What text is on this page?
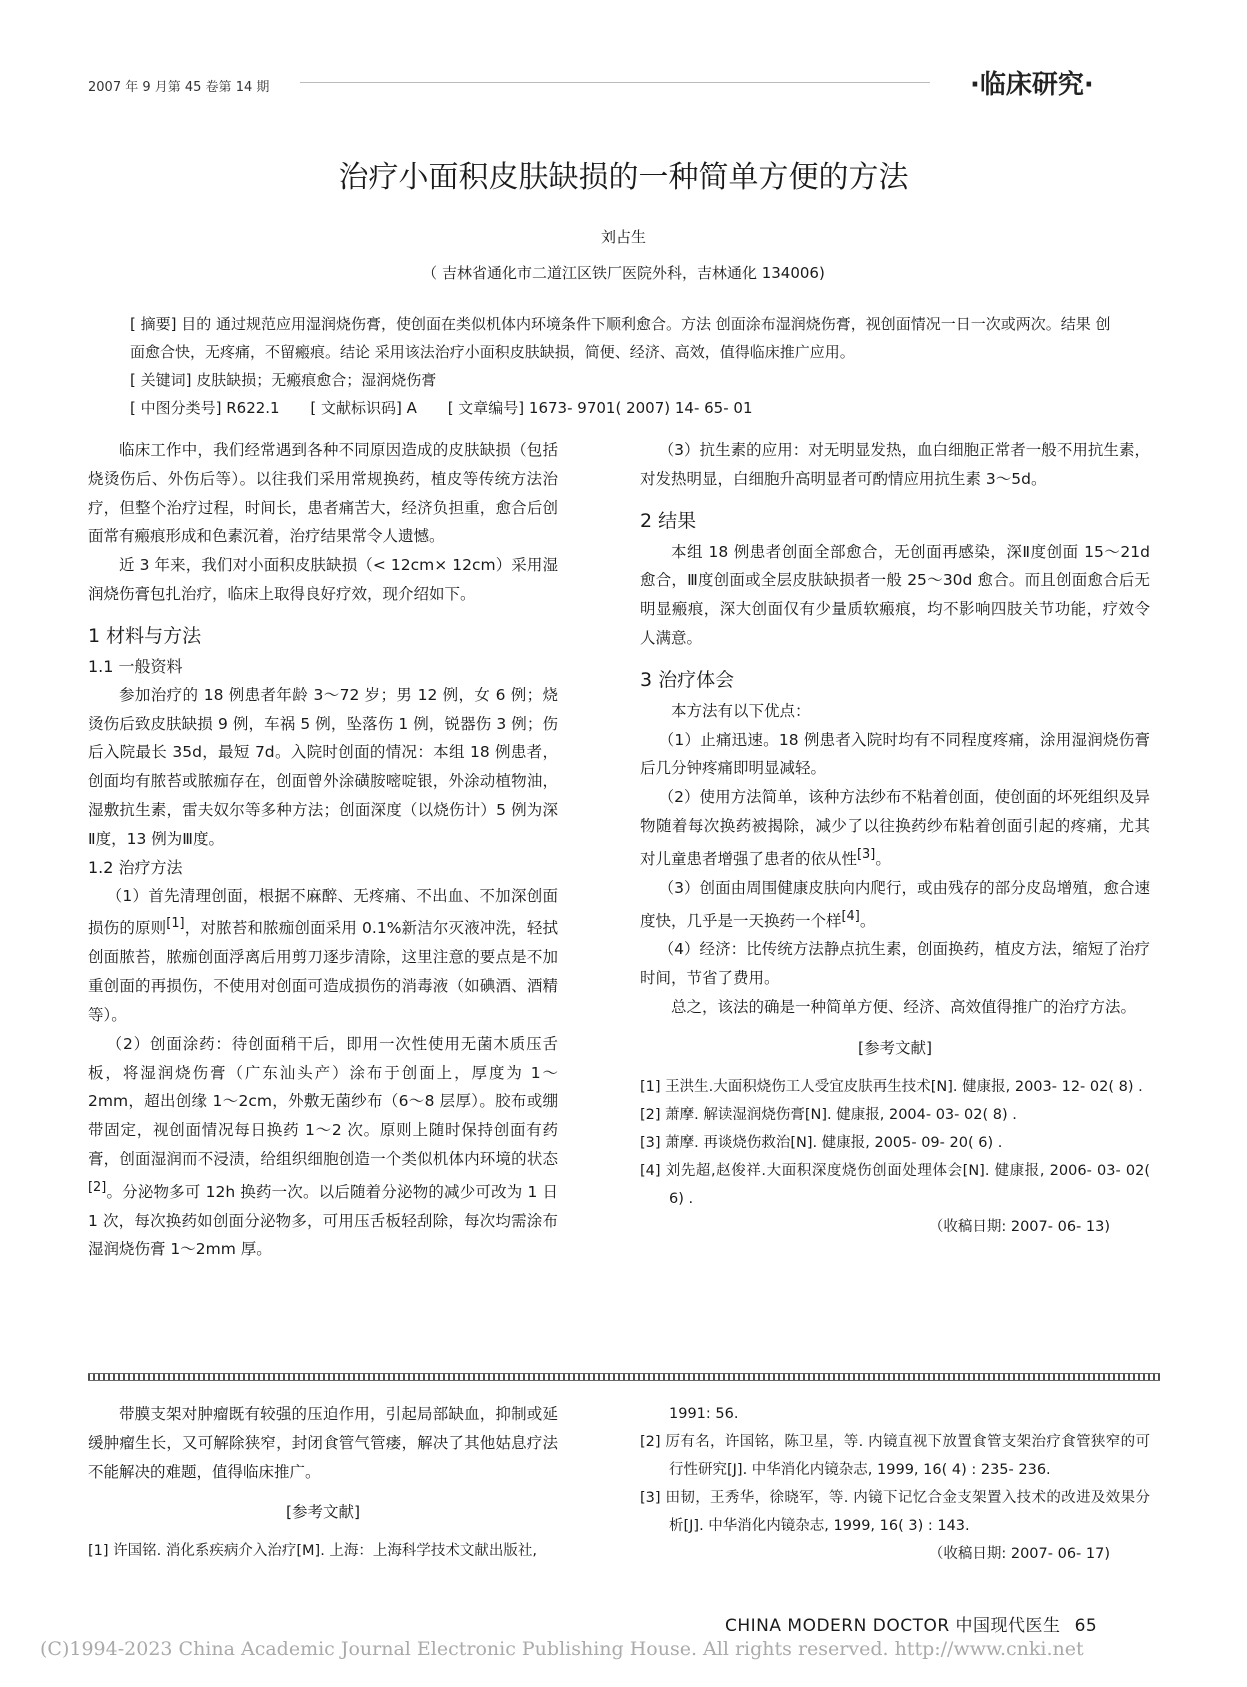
2007 年 9 月第 45 卷第 14 期	·临床研究·
治疗小面积皮肤缺损的一种简单方便的方法
刘占生
（ 吉林省通化市二道江区铁厂医院外科，吉林通化 134006)

[ 摘要] 目的 通过规范应用湿润烧伤膏，使创面在类似机体内环境条件下顺利愈合。方法 创面涂布湿润烧伤膏，视创面情况一日一次或两次。结果 创面愈合快，无疼痛，不留瘢痕。结论 采用该法治疗小面积皮肤缺损，简便、经济、高效，值得临床推广应用。

[ 关键词] 皮肤缺损；无瘢痕愈合；湿润烧伤膏

[ 中图分类号] R622.1 [ 文献标识码] A [ 文章编号] 1673- 9701( 2007) 14- 65- 01

临床工作中，我们经常遇到各种不同原因造成的皮肤缺损（包括烧烫伤后、外伤后等）。以往我们采用常规换药，植皮等传统方法治疗，但整个治疗过程，时间长，患者痛苦大，经济负担重，愈合后创面常有瘢痕形成和色素沉着，治疗结果常令人遗憾。

近 3 年来，我们对小面积皮肤缺损（< 12cm× 12cm）采用湿润烧伤膏包扎治疗，临床上取得良好疗效，现介绍如下。

1 材料与方法

1.1 一般资料

参加治疗的 18 例患者年龄 3～72 岁；男 12 例，女 6 例；烧烫伤后致皮肤缺损 9 例，车祸 5 例，坠落伤 1 例，锐器伤 3 例；伤后入院最长 35d，最短 7d。入院时创面的情况：本组 18 例患者，创面均有脓苔或脓痂存在，创面曾外涂磺胺嘧啶银，外涂动植物油，湿敷抗生素，雷夫奴尔等多种方法；创面深度（以烧伤计）5 例为深Ⅱ度，13 例为Ⅲ度。

1.2 治疗方法

（1）首先清理创面，根据不麻醉、无疼痛、不出血、不加深创面损伤的原则[1]，对脓苔和脓痂创面采用 0.1%新洁尔灭液冲洗，轻拭创面脓苔，脓痂创面浮离后用剪刀逐步清除，这里注意的要点是不加重创面的再损伤，不使用对创面可造成损伤的消毒液（如碘酒、酒精等）。

（2）创面涂药：待创面稍干后，即用一次性使用无菌木质压舌板，将湿润烧伤膏（广东汕头产）涂布于创面上，厚度为 1～2mm，超出创缘 1～2cm，外敷无菌纱布（6～8 层厚）。胶布或绷带固定，视创面情况每日换药 1～2 次。原则上随时保持创面有药膏，创面湿润而不浸渍，给组织细胞创造一个类似机体内环境的状态[2]。分泌物多可 12h 换药一次。以后随着分泌物的减少可改为 1 日 1 次，每次换药如创面分泌物多，可用压舌板轻刮除，每次均需涂布湿润烧伤膏 1～2mm 厚。

（3）抗生素的应用：对无明显发热，血白细胞正常者一般不用抗生素，对发热明显，白细胞升高明显者可酌情应用抗生素 3～5d。

2 结果

本组 18 例患者创面全部愈合，无创面再感染，深Ⅱ度创面 15～21d 愈合，Ⅲ度创面或全层皮肤缺损者一般 25～30d 愈合。而且创面愈合后无明显瘢痕，深大创面仅有少量质软瘢痕，均不影响四肢关节功能，疗效令人满意。

3 治疗体会

本方法有以下优点：

（1）止痛迅速。18 例患者入院时均有不同程度疼痛，涂用湿润烧伤膏后几分钟疼痛即明显减轻。

（2）使用方法简单，该种方法纱布不粘着创面，使创面的坏死组织及异物随着每次换药被揭除，减少了以往换药纱布粘着创面引起的疼痛，尤其对儿童患者增强了患者的依从性[3]。

（3）创面由周围健康皮肤向内爬行，或由残存的部分皮岛增殖，愈合速度快，几乎是一天换药一个样[4]。

（4）经济：比传统方法静点抗生素，创面换药，植皮方法，缩短了治疗时间，节省了费用。

总之，该法的确是一种简单方便、经济、高效值得推广的治疗方法。

[参考文献]

[1] 王洪生.大面积烧伤工人受宜皮肤再生技术[N]. 健康报, 2003- 12- 02( 8) .

[2] 萧摩. 解读湿润烧伤膏[N]. 健康报, 2004- 03- 02( 8) .

[3] 萧摩. 再谈烧伤救治[N]. 健康报, 2005- 09- 20( 6) .

[4] 刘先超,赵俊祥.大面积深度烧伤创面处理体会[N]. 健康报, 2006- 03- 02( 6) .

（收稿日期: 2007- 06- 13)

带膜支架对肿瘤既有较强的压迫作用，引起局部缺血，抑制或延缓肿瘤生长，又可解除狭窄，封闭食管气管瘘，解决了其他姑息疗法不能解决的难题，值得临床推广。

[参考文献]

[1] 许国铭. 消化系疾病介入治疗[M]. 上海：上海科学技术文献出版社,

1991: 56.

[2] 厉有名，许国铭，陈卫星，等. 内镜直视下放置食管支架治疗食管狭窄的可行性研究[J]. 中华消化内镜杂志, 1999, 16( 4) : 235- 236.

[3] 田韧，王秀华，徐晓军，等. 内镜下记忆合金支架置入技术的改进及效果分析[J]. 中华消化内镜杂志, 1999, 16( 3) : 143.

（收稿日期: 2007- 06- 17)

CHINA MODERN DOCTOR 中国现代医生 65
(C)1994-2023 China Academic Journal Electronic Publishing House. All rights reserved. http://www.cnki.net
